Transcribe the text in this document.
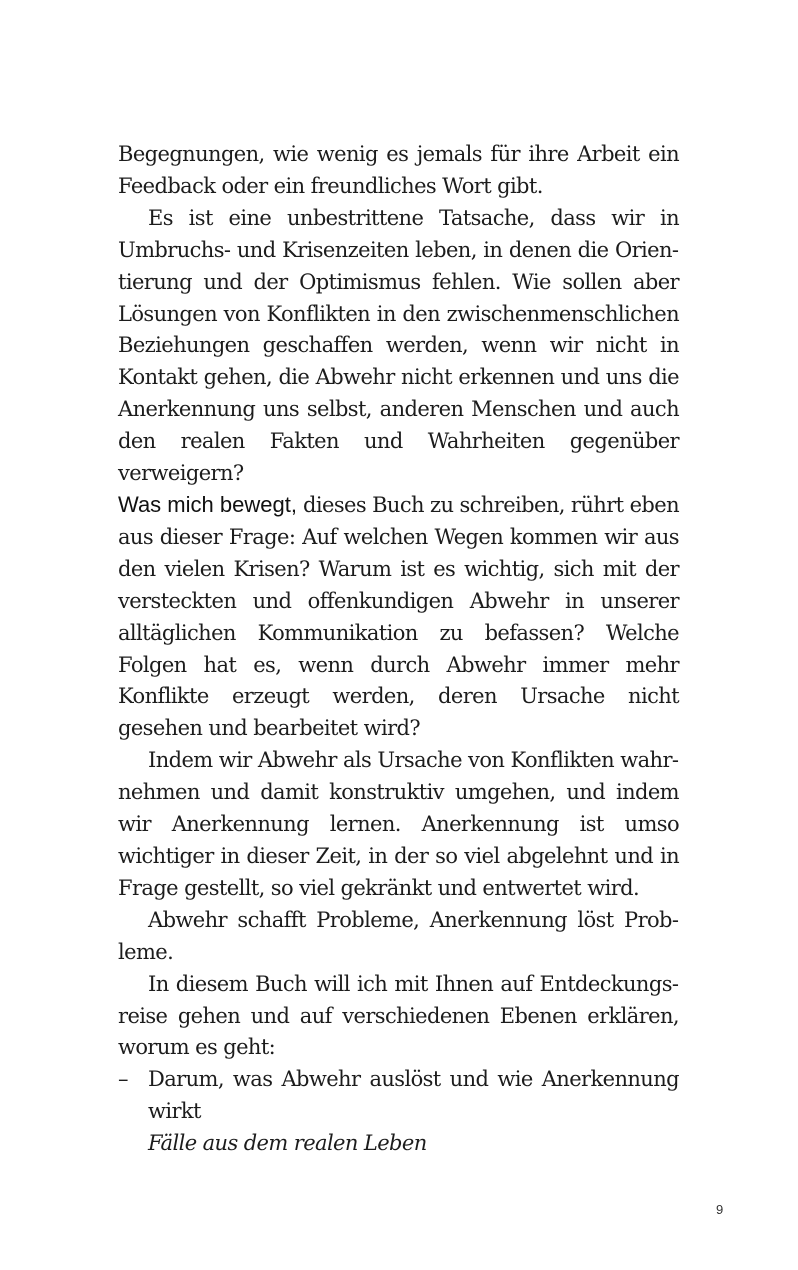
Begegnungen, wie wenig es jemals für ihre Arbeit ein Feedback oder ein freundliches Wort gibt.

Es ist eine unbestrittene Tatsache, dass wir in Umbruchs- und Krisenzeiten leben, in denen die Orientierung und der Optimismus fehlen. Wie sollen aber Lösungen von Konflikten in den zwischenmenschlichen Beziehungen geschaffen werden, wenn wir nicht in Kontakt gehen, die Abwehr nicht erkennen und uns die Anerkennung uns selbst, anderen Menschen und auch den realen Fakten und Wahrheiten gegenüber verweigern?

Was mich bewegt, dieses Buch zu schreiben, rührt eben aus dieser Frage: Auf welchen Wegen kommen wir aus den vielen Krisen? Warum ist es wichtig, sich mit der versteckten und offenkundigen Abwehr in unserer alltäglichen Kommunikation zu befassen? Welche Folgen hat es, wenn durch Abwehr immer mehr Konflikte erzeugt werden, deren Ursache nicht gesehen und bearbeitet wird?

Indem wir Abwehr als Ursache von Konflikten wahrnehmen und damit konstruktiv umgehen, und indem wir Anerkennung lernen. Anerkennung ist umso wichtiger in dieser Zeit, in der so viel abgelehnt und in Frage gestellt, so viel gekränkt und entwertet wird.

Abwehr schafft Probleme, Anerkennung löst Probleme.

In diesem Buch will ich mit Ihnen auf Entdeckungsreise gehen und auf verschiedenen Ebenen erklären, worum es geht:

– Darum, was Abwehr auslöst und wie Anerkennung wirkt

Fälle aus dem realen Leben

9
